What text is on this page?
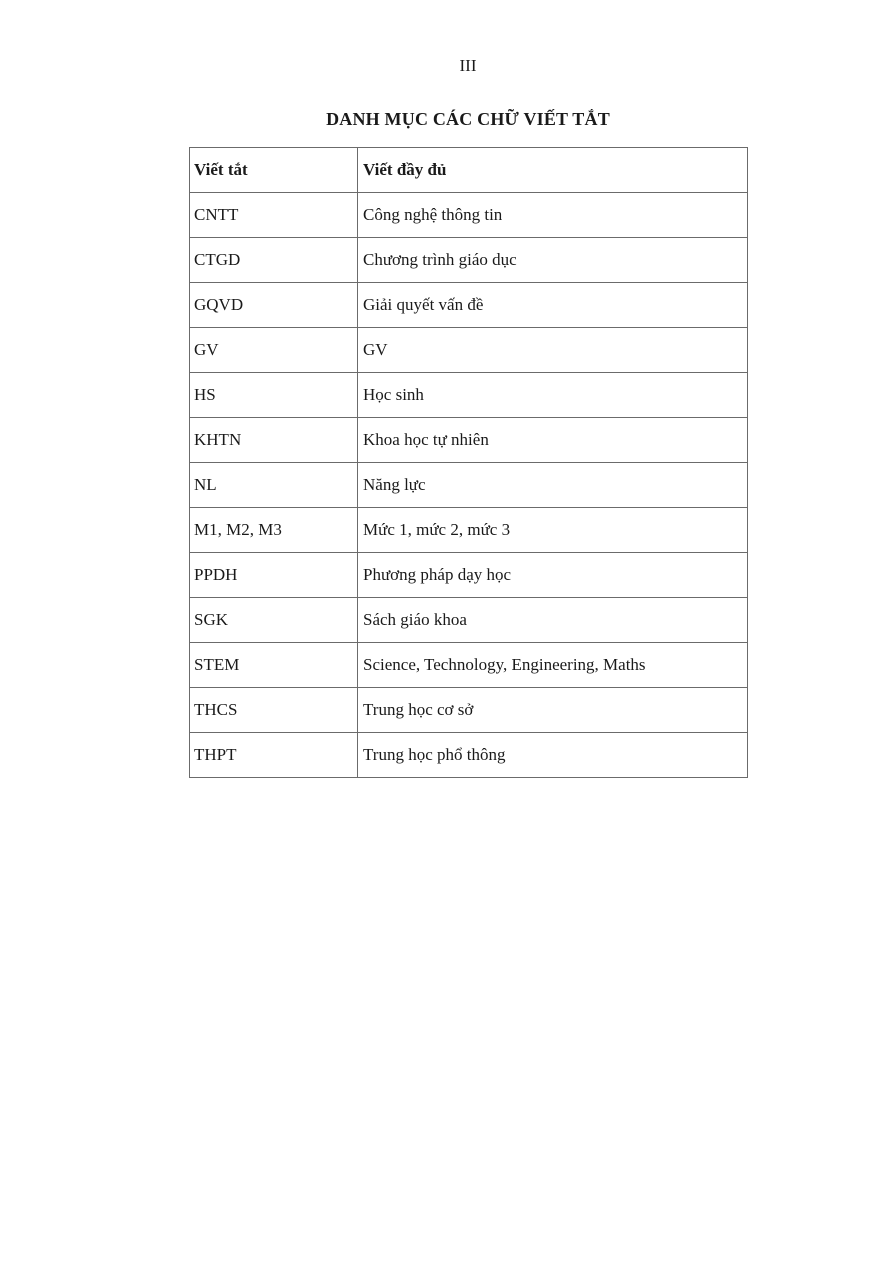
III
DANH MỤC CÁC CHỮ VIẾT TẮT
Viết tắt	Viết đầy đủ
CNTT	Công nghệ thông tin
CTGD	Chương trình giáo dục
GQVD	Giải quyết vấn đề
GV	GV
HS	Học sinh
KHTN	Khoa học tự nhiên
NL	Năng lực
M1, M2, M3	Mức 1, mức 2, mức 3
PPDH	Phương pháp dạy học
SGK	Sách giáo khoa
STEM	Science, Technology, Engineering, Maths
THCS	Trung học cơ sở
THPT	Trung học phổ thông
